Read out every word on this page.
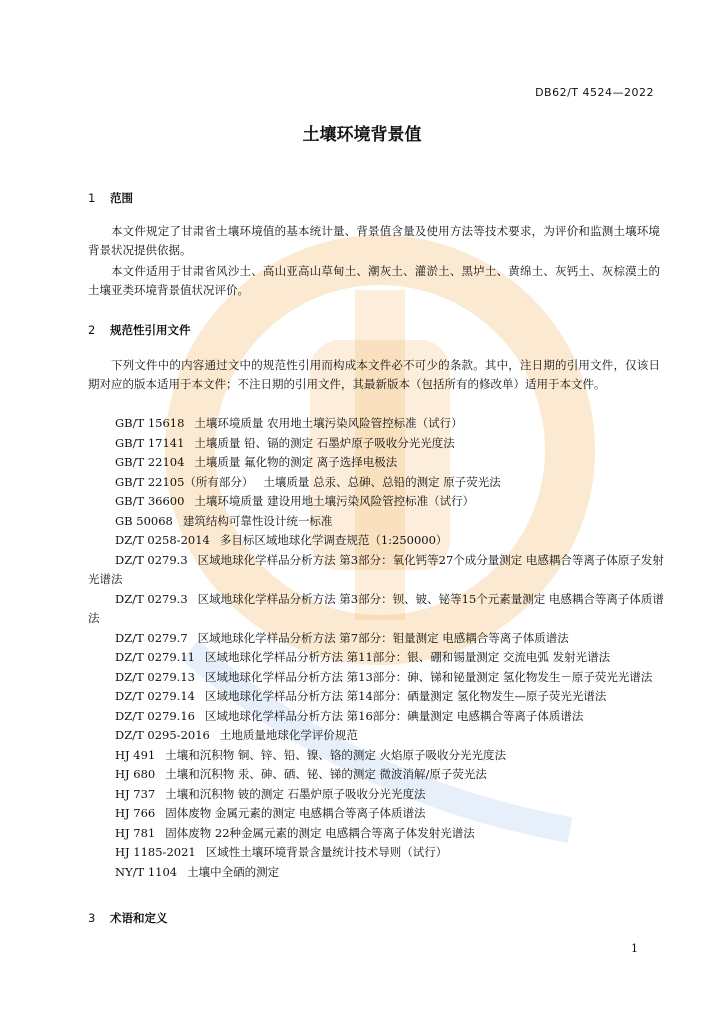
DB62/T 4524—2022
土壤环境背景值
1 范围

本文件规定了甘肃省土壤环境值的基本统计量、背景值含量及使用方法等技术要求，为评价和监测土壤环境背景状况提供依据。

本文件适用于甘肃省风沙土、高山亚高山草甸土、潮灰土、灌淤土、黑垆土、黄绵土、灰钙土、灰棕漠土的土壤亚类环境背景值状况评价。

2 规范性引用文件

下列文件中的内容通过文中的规范性引用而构成本文件必不可少的条款。其中，注日期的引用文件，仅该日期对应的版本适用于本文件；不注日期的引用文件，其最新版本（包括所有的修改单）适用于本文件。

GB/T 15618 土壤环境质量 农用地土壤污染风险管控标准（试行）
GB/T 17141 土壤质量 铅、镉的测定 石墨炉原子吸收分光光度法
GB/T 22104 土壤质量 氟化物的测定 离子选择电极法
GB/T 22105（所有部分） 土壤质量 总汞、总砷、总铅的测定 原子荧光法
GB/T 36600 土壤环境质量 建设用地土壤污染风险管控标准（试行）
GB 50068 建筑结构可靠性设计统一标准
DZ/T 0258-2014 多目标区域地球化学调查规范（1:250000）
DZ/T 0279.3 区域地球化学样品分析方法 第3部分：氧化钙等27个成分量测定 电感耦合等离子体原子发射光谱法
DZ/T 0279.3 区域地球化学样品分析方法 第3部分：钡、铍、铋等15个元素量测定 电感耦合等离子体质谱法
DZ/T 0279.7 区域地球化学样品分析方法 第7部分：钼量测定 电感耦合等离子体质谱法
DZ/T 0279.11 区域地球化学样品分析方法 第11部分：银、硼和锡量测定 交流电弧 发射光谱法
DZ/T 0279.13 区域地球化学样品分析方法 第13部分：砷、锑和铋量测定 氢化物发生－原子荧光光谱法
DZ/T 0279.14 区域地球化学样品分析方法 第14部分：硒量测定 氢化物发生—原子荧光光谱法
DZ/T 0279.16 区域地球化学样品分析方法 第16部分：碘量测定 电感耦合等离子体质谱法
DZ/T 0295-2016 土地质量地球化学评价规范
HJ 491 土壤和沉积物 铜、锌、铅、镍、铬的测定 火焰原子吸收分光光度法
HJ 680 土壤和沉积物 汞、砷、硒、铋、锑的测定 微波消解/原子荧光法
HJ 737 土壤和沉积物 铍的测定 石墨炉原子吸收分光光度法
HJ 766 固体废物 金属元素的测定 电感耦合等离子体质谱法
HJ 781 固体废物 22种金属元素的测定 电感耦合等离子体发射光谱法
HJ 1185-2021 区域性土壤环境背景含量统计技术导则（试行）
NY/T 1104 土壤中全硒的测定
3 术语和定义
1
